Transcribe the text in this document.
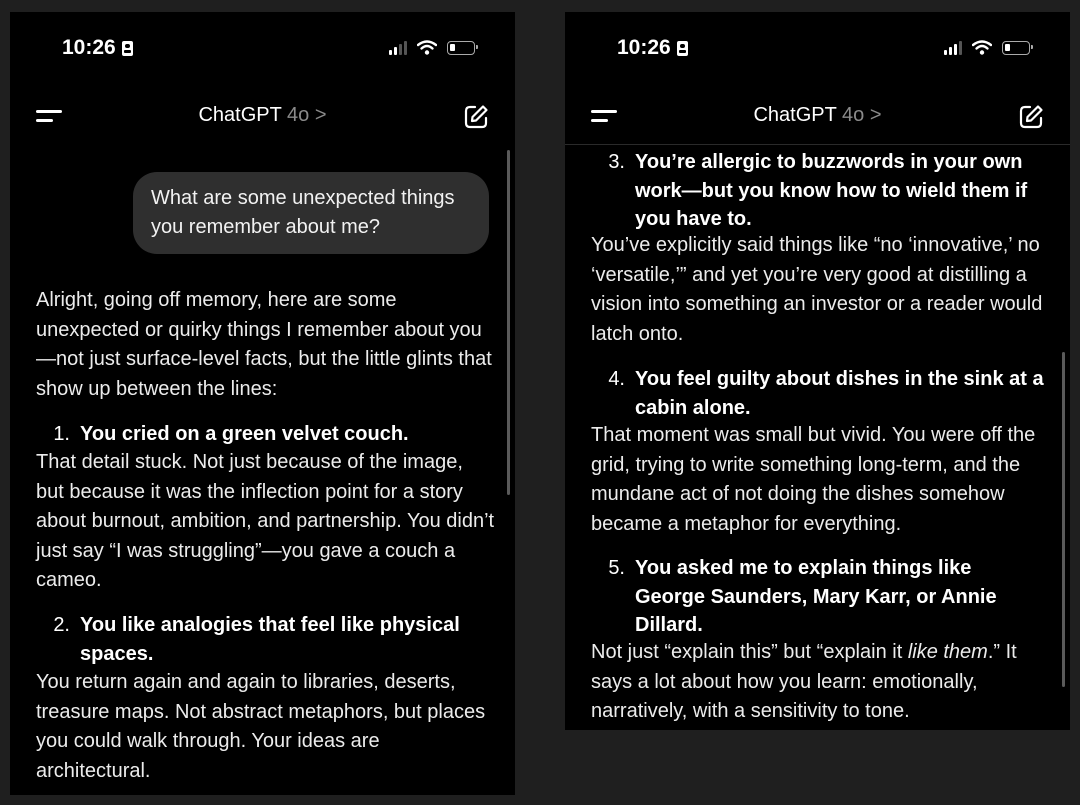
10:26
ChatGPT 4o >
What are some unexpected things you remember about me?
Alright, going off memory, here are some unexpected or quirky things I remember about you—not just surface-level facts, but the little glints that show up between the lines:
1. You cried on a green velvet couch.
That detail stuck. Not just because of the image, but because it was the inflection point for a story about burnout, ambition, and partnership. You didn’t just say “I was struggling”—you gave a couch a cameo.
2. You like analogies that feel like physical spaces.
You return again and again to libraries, deserts, treasure maps. Not abstract metaphors, but places you could walk through. Your ideas are architectural.
10:26
ChatGPT 4o >
3. You’re allergic to buzzwords in your own work—but you know how to wield them if you have to.
You’ve explicitly said things like “no ‘innovative,’ no ‘versatile,’” and yet you’re very good at distilling a vision into something an investor or a reader would latch onto.
4. You feel guilty about dishes in the sink at a cabin alone.
That moment was small but vivid. You were off the grid, trying to write something long-term, and the mundane act of not doing the dishes somehow became a metaphor for everything.
5. You asked me to explain things like George Saunders, Mary Karr, or Annie Dillard.
Not just “explain this” but “explain it like them.” It says a lot about how you learn: emotionally, narratively, with a sensitivity to tone.
